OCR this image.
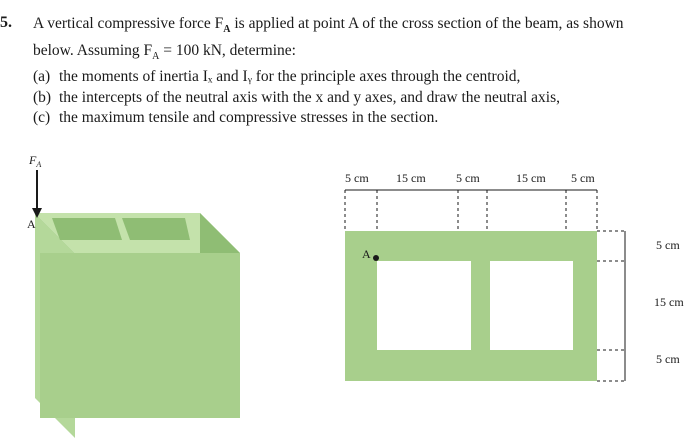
5. A vertical compressive force $F_A$ is applied at point A of the cross section of the beam, as shown

below. Assuming $F_A = 100$ kN, determine:

(a) the moments of inertia Iₓ and Iᵧ for the principle axes through the centroid,

(b) the intercepts of the neutral axis with the x and y axes, and draw the neutral axis,

(c) the maximum tensile and compressive stresses in the section.

$F_A$
A
A
5 cm 15 cm	5 cm	15 cm 5 cm
5 cm
15 cm
5 cm
